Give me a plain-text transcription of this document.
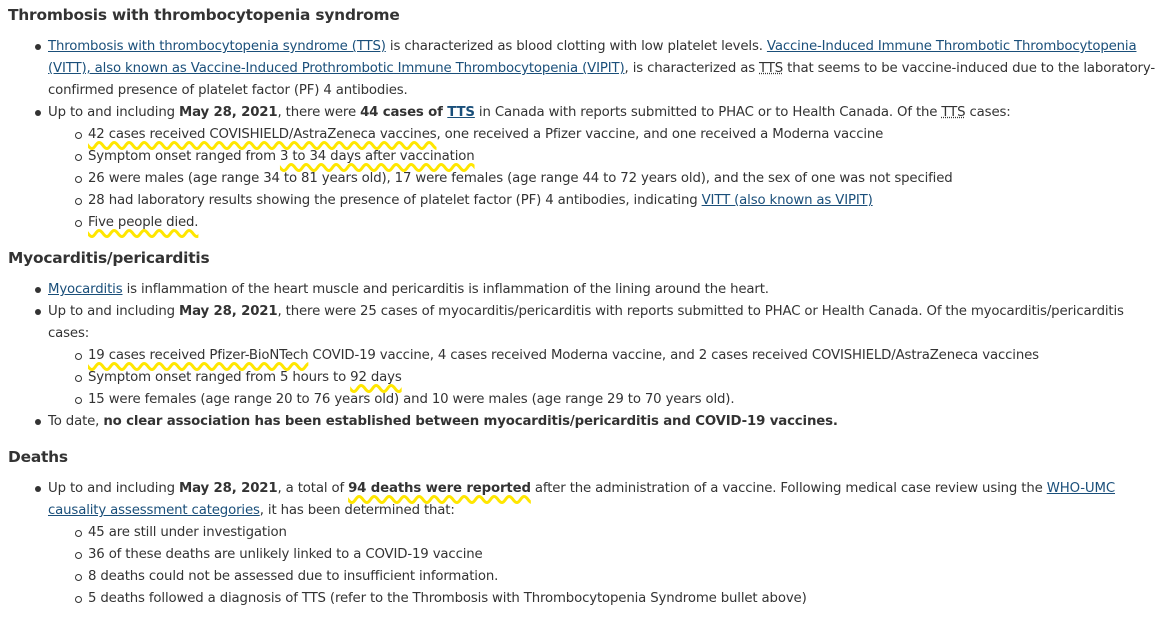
Thrombosis with thrombocytopenia syndrome
Thrombosis with thrombocytopenia syndrome (TTS) is characterized as blood clotting with low platelet levels. Vaccine-Induced Immune Thrombotic Thrombocytopenia (VITT), also known as Vaccine-Induced Prothrombotic Immune Thrombocytopenia (VIPIT), is characterized as TTS that seems to be vaccine-induced due to the laboratory-confirmed presence of platelet factor (PF) 4 antibodies.
Up to and including May 28, 2021, there were 44 cases of TTS in Canada with reports submitted to PHAC or to Health Canada. Of the TTS cases:
42 cases received COVISHIELD/AstraZeneca vaccines, one received a Pfizer vaccine, and one received a Moderna vaccine
Symptom onset ranged from 3 to 34 days after vaccination
26 were males (age range 34 to 81 years old), 17 were females (age range 44 to 72 years old), and the sex of one was not specified
28 had laboratory results showing the presence of platelet factor (PF) 4 antibodies, indicating VITT (also known as VIPIT)
Five people died.
Myocarditis/pericarditis
Myocarditis is inflammation of the heart muscle and pericarditis is inflammation of the lining around the heart.
Up to and including May 28, 2021, there were 25 cases of myocarditis/pericarditis with reports submitted to PHAC or Health Canada. Of the myocarditis/pericarditis cases:
19 cases received Pfizer-BioNTech COVID-19 vaccine, 4 cases received Moderna vaccine, and 2 cases received COVISHIELD/AstraZeneca vaccines
Symptom onset ranged from 5 hours to 92 days
15 were females (age range 20 to 76 years old) and 10 were males (age range 29 to 70 years old).
To date, no clear association has been established between myocarditis/pericarditis and COVID-19 vaccines.
Deaths
Up to and including May 28, 2021, a total of 94 deaths were reported after the administration of a vaccine. Following medical case review using the WHO-UMC causality assessment categories, it has been determined that:
45 are still under investigation
36 of these deaths are unlikely linked to a COVID-19 vaccine
8 deaths could not be assessed due to insufficient information.
5 deaths followed a diagnosis of TTS (refer to the Thrombosis with Thrombocytopenia Syndrome bullet above)
